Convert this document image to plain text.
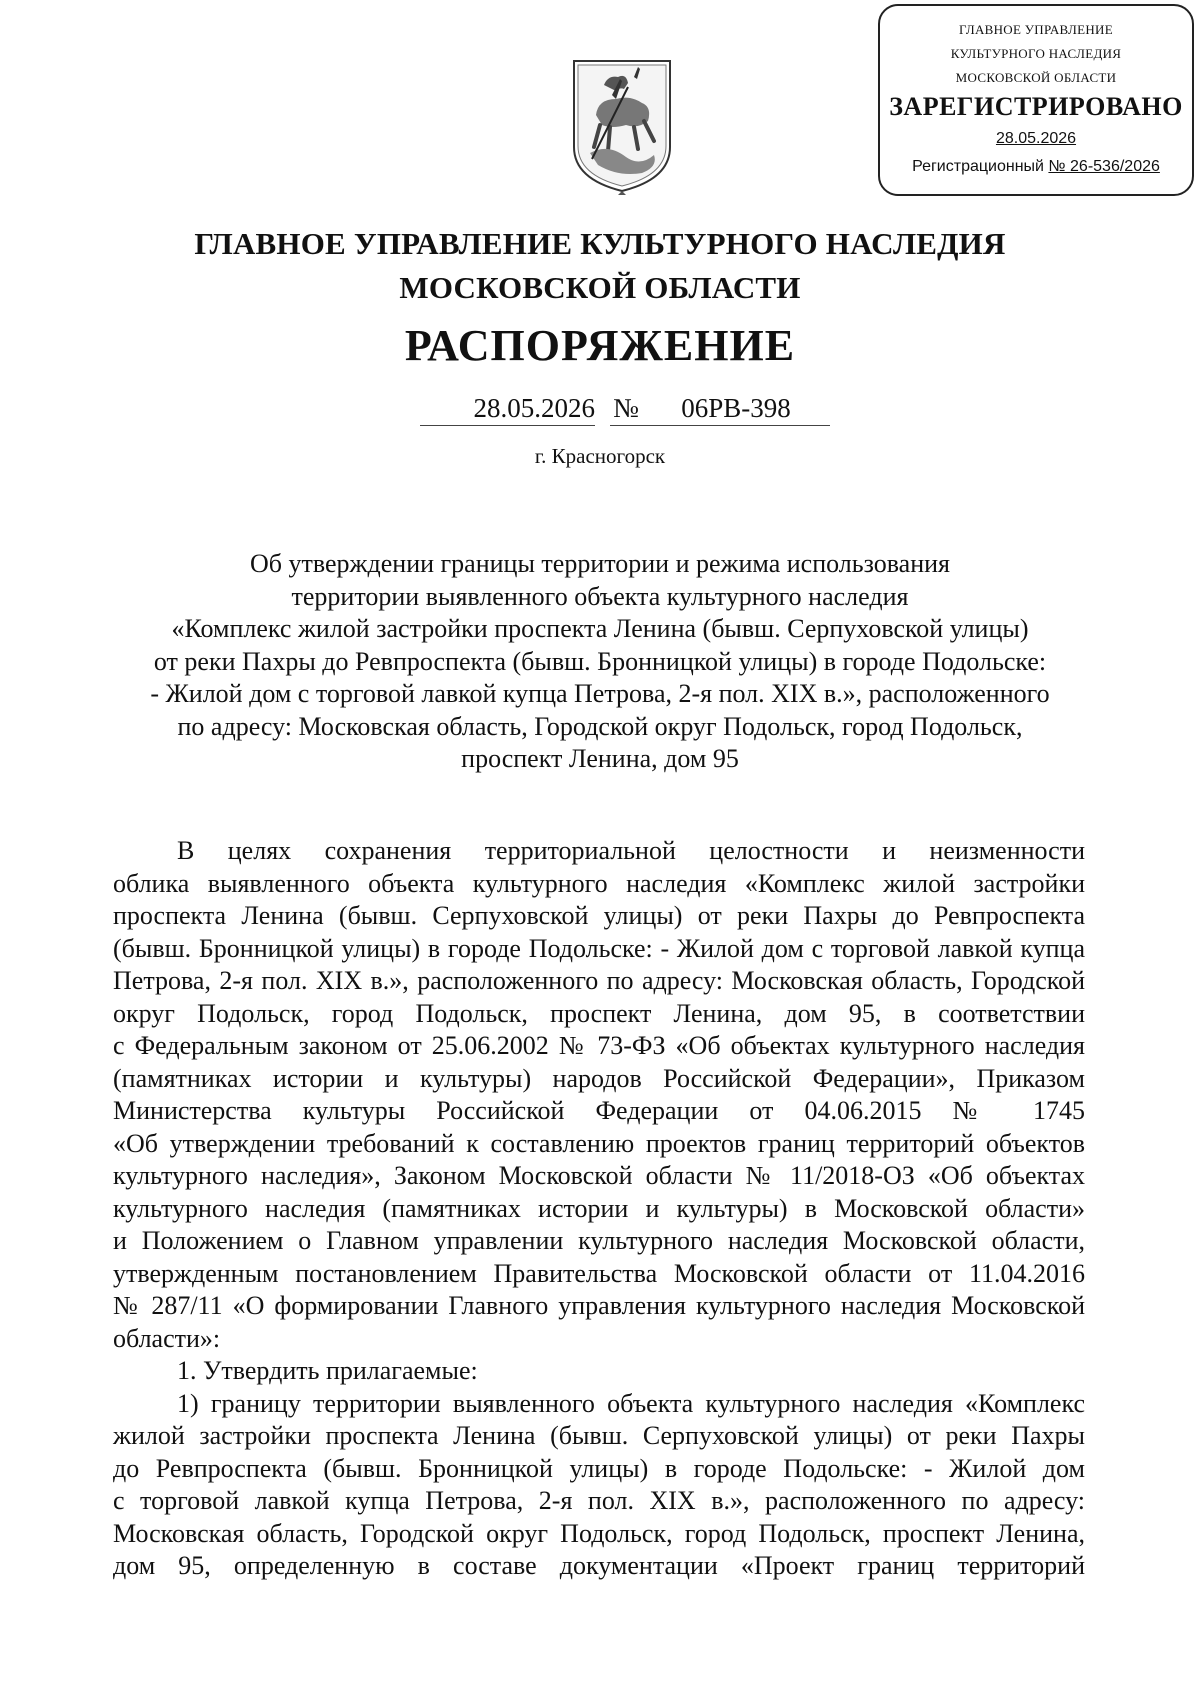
ГЛАВНОЕ УПРАВЛЕНИЕ
КУЛЬТУРНОГО НАСЛЕДИЯ
МОСКОВСКОЙ ОБЛАСТИ
ЗАРЕГИСТРИРОВАНО
28.05.2026
Регистрационный № 26-536/2026
ГЛАВНОЕ УПРАВЛЕНИЕ КУЛЬТУРНОГО НАСЛЕДИЯ
МОСКОВСКОЙ ОБЛАСТИ
РАСПОРЯЖЕНИЕ
28.05.2026 №	06РВ-398
г. Красногорск
Об утверждении границы территории и режима использования
территории выявленного объекта культурного наследия
«Комплекс жилой застройки проспекта Ленина (бывш. Серпуховской улицы)
от реки Пахры до Ревпроспекта (бывш. Бронницкой улицы) в городе Подольске:
- Жилой дом с торговой лавкой купца Петрова, 2-я пол. XIX в.», расположенного
по адресу: Московская область, Городской округ Подольск, город Подольск,
проспект Ленина, дом 95
В целях сохранения территориальной целостности и неизменности
облика выявленного объекта культурного наследия «Комплекс жилой застройки
проспекта Ленина (бывш. Серпуховской улицы) от реки Пахры до Ревпроспекта
(бывш. Бронницкой улицы) в городе Подольске: - Жилой дом с торговой лавкой купца
Петрова, 2-я пол. XIX в.», расположенного по адресу: Московская область, Городской
округ Подольск, город Подольск, проспект Ленина, дом 95, в соответствии
с Федеральным законом от 25.06.2002 № 73-ФЗ «Об объектах культурного наследия
(памятниках истории и культуры) народов Российской Федерации», Приказом
Министерства культуры Российской Федерации от 04.06.2015 № 1745
«Об утверждении требований к составлению проектов границ территорий объектов
культурного наследия», Законом Московской области № 11/2018-ОЗ «Об объектах
культурного наследия (памятниках истории и культуры) в Московской области»
и Положением о Главном управлении культурного наследия Московской области,
утвержденным постановлением Правительства Московской области от 11.04.2016
№ 287/11 «О формировании Главного управления культурного наследия Московской
области»:
1. Утвердить прилагаемые:
1) границу территории выявленного объекта культурного наследия «Комплекс
жилой застройки проспекта Ленина (бывш. Серпуховской улицы) от реки Пахры
до Ревпроспекта (бывш. Бронницкой улицы) в городе Подольске: - Жилой дом
с торговой лавкой купца Петрова, 2-я пол. XIX в.», расположенного по адресу:
Московская область, Городской округ Подольск, город Подольск, проспект Ленина,
дом 95, определенную в составе документации «Проект границ территорий
